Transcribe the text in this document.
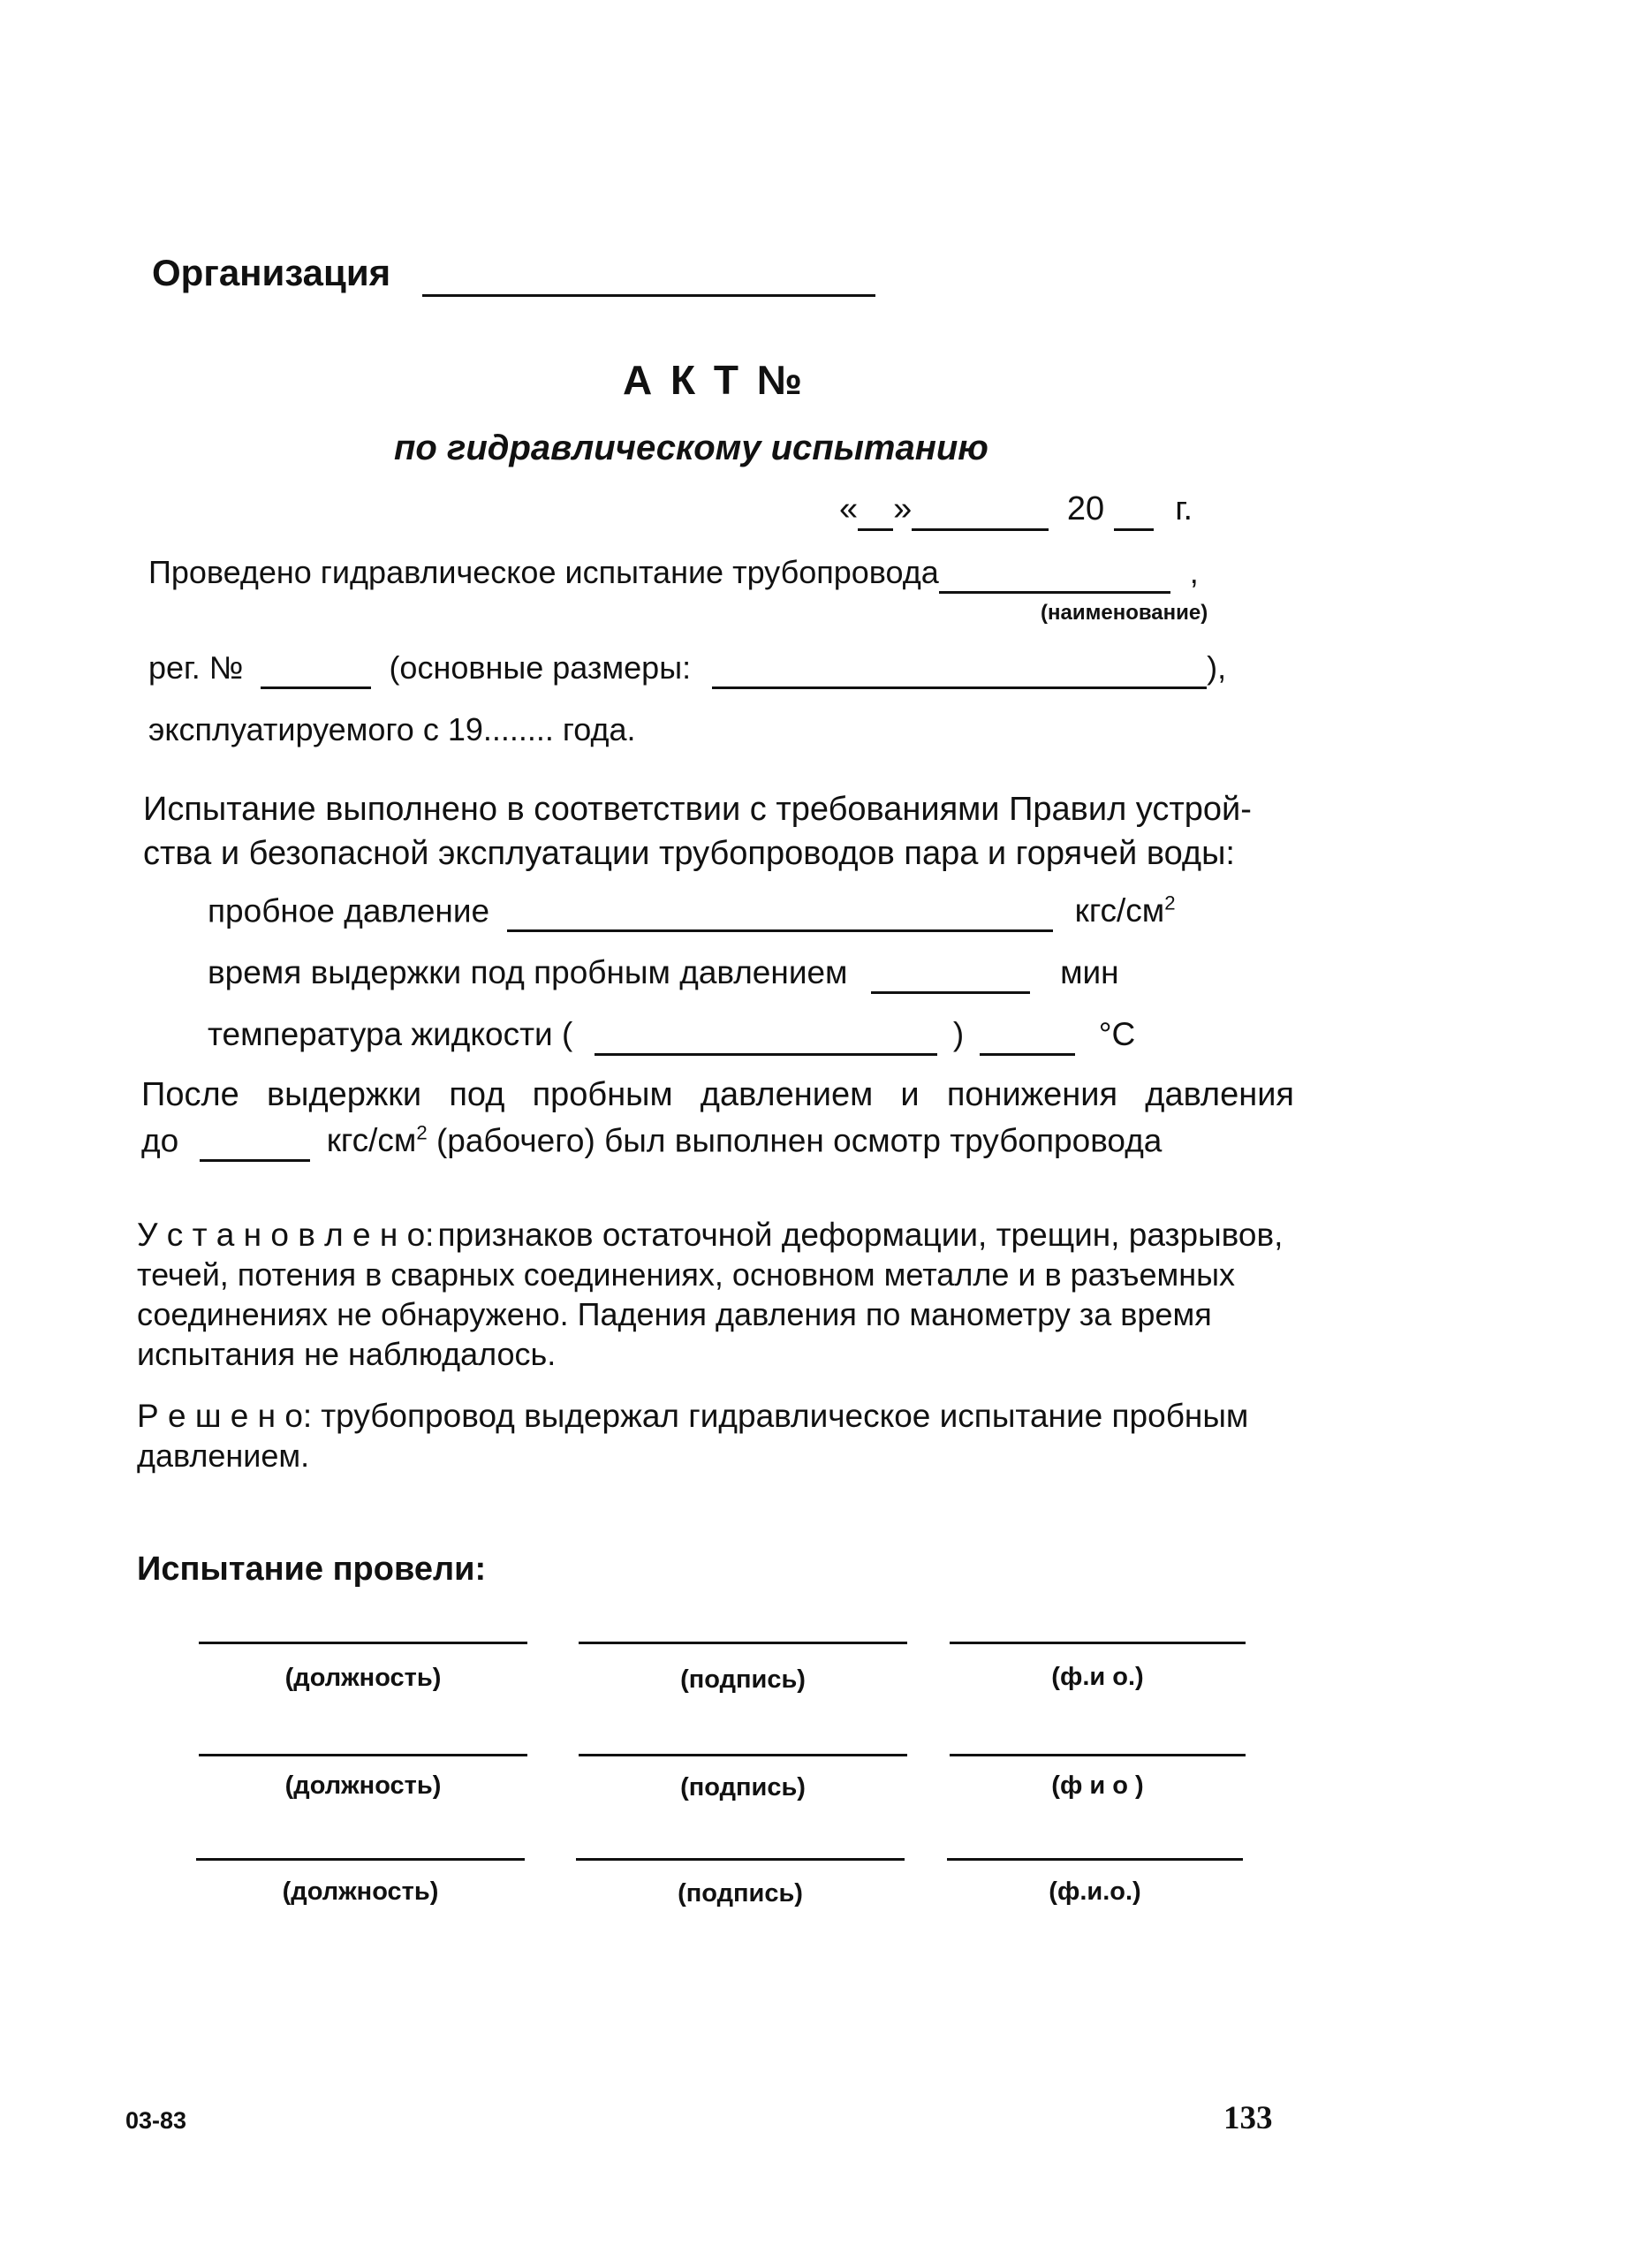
Организация
А К Т №
по гидравлическому испытанию
« »	20 г.
Проведено гидравлическое испытание трубопровода	,
(наименование)
рег. №	(основные размеры:	),
эксплуатируемого с 19........ года.
Испытание выполнено в соответствии с требованиями Правил устрой-
ства и безопасной эксплуатации трубопроводов пара и горячей воды:
пробное давление	кгс/$см^2$
время выдержки под пробным давлением	мин
температура жидкости (	)	°С
После выдержки под пробным давлением и понижения давления
до	кгс/$см^2$ (рабочего) был выполнен осмотр трубопровода
У с т а н о в л е н о: признаков остаточной деформации, трещин, разрывов,
течей, потения в сварных соединениях, основном металле и в разъемных
соединениях не обнаружено. Падения давления по манометру за время
испытания не наблюдалось.
Р е ш е н о: трубопровод выдержал гидравлическое испытание пробным
давлением.
Испытание провели:
(должность)	(подпись)	(ф.и о.)
(должность)	(подпись)	(ф и о )
(должность)	(подпись)	(ф.и.о.)
03-83	133
